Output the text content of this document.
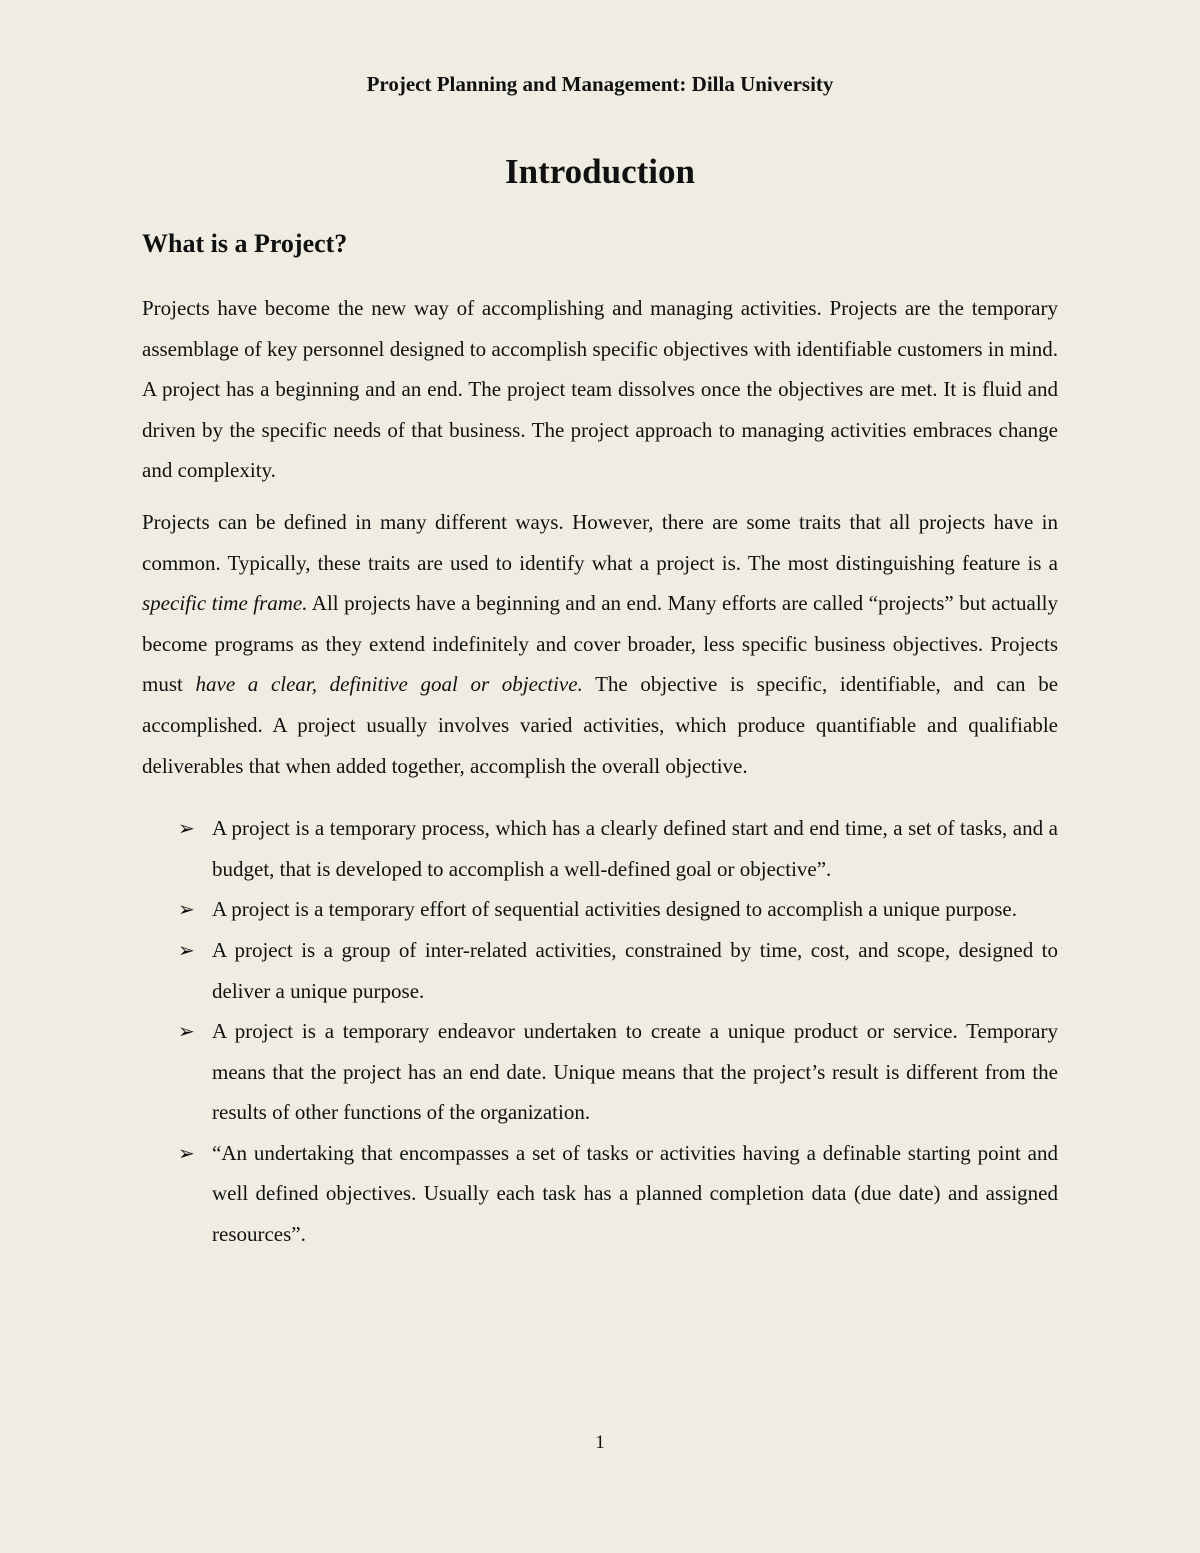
Project Planning and Management: Dilla University
Introduction
What is a Project?

Projects have become the new way of accomplishing and managing activities. Projects are the temporary assemblage of key personnel designed to accomplish specific objectives with identifiable customers in mind. A project has a beginning and an end. The project team dissolves once the objectives are met. It is fluid and driven by the specific needs of that business. The project approach to managing activities embraces change and complexity.

Projects can be defined in many different ways. However, there are some traits that all projects have in common. Typically, these traits are used to identify what a project is. The most distinguishing feature is a specific time frame. All projects have a beginning and an end. Many efforts are called “projects” but actually become programs as they extend indefinitely and cover broader, less specific business objectives. Projects must have a clear, definitive goal or objective. The objective is specific, identifiable, and can be accomplished. A project usually involves varied activities, which produce quantifiable and qualifiable deliverables that when added together, accomplish the overall objective.

➢ A project is a temporary process, which has a clearly defined start and end time, a set of tasks, and a budget, that is developed to accomplish a well-defined goal or objective”.
➢ A project is a temporary effort of sequential activities designed to accomplish a unique purpose.
➢ A project is a group of inter-related activities, constrained by time, cost, and scope, designed to deliver a unique purpose.
➢ A project is a temporary endeavor undertaken to create a unique product or service. Temporary means that the project has an end date. Unique means that the project’s result is different from the results of other functions of the organization.
➢ “An undertaking that encompasses a set of tasks or activities having a definable starting point and well defined objectives. Usually each task has a planned completion data (due date) and assigned resources”.
1
